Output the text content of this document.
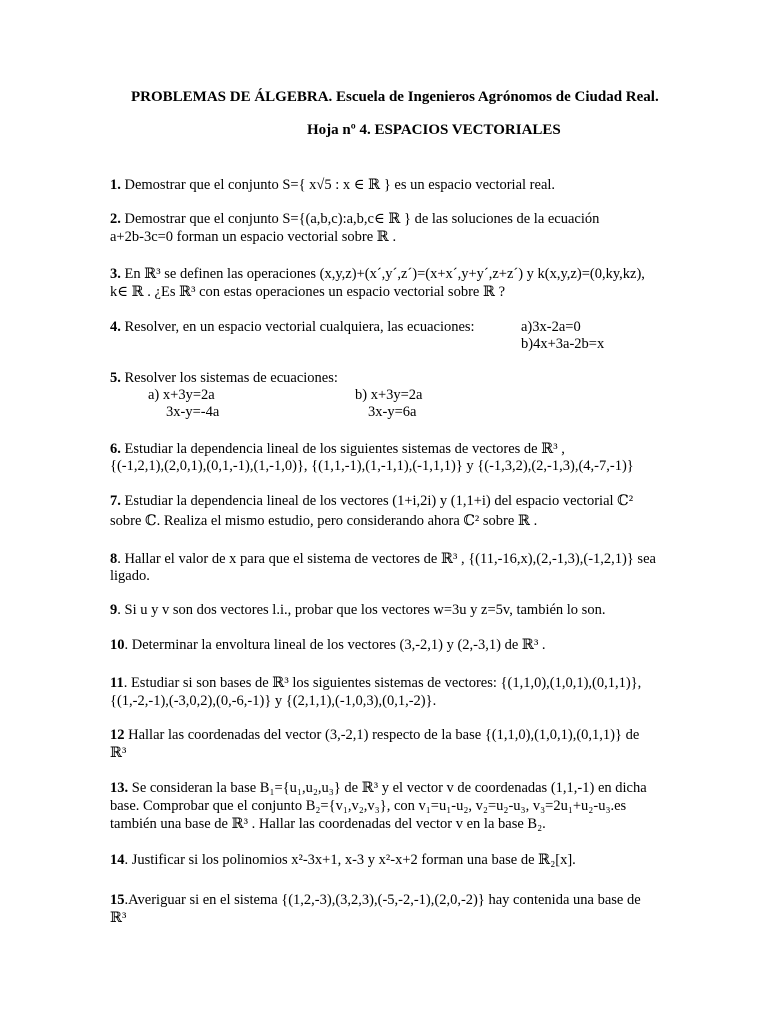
PROBLEMAS DE ÁLGEBRA. Escuela de Ingenieros Agrónomos de Ciudad Real.
Hoja nº 4. ESPACIOS VECTORIALES
1. Demostrar que el conjunto S={ x√5 : x ∈ ℝ } es un espacio vectorial real.
2. Demostrar que el conjunto S={(a,b,c):a,b,c∈ ℝ } de las soluciones de la ecuación
a+2b-3c=0 forman un espacio vectorial sobre ℝ .
3. En ℝ³ se definen las operaciones (x,y,z)+(x´,y´,z´)=(x+x´,y+y´,z+z´) y k(x,y,z)=(0,ky,kz),
k∈ ℝ . ¿Es ℝ³ con estas operaciones un espacio vectorial sobre ℝ ?
4. Resolver, en un espacio vectorial cualquiera, las ecuaciones:	a)3x-2a=0
b)4x+3a-2b=x
5. Resolver los sistemas de ecuaciones:
a) x+3y=2a
3x-y=-4a
b) x+3y=2a
3x-y=6a
6. Estudiar la dependencia lineal de los siguientes sistemas de vectores de ℝ³ ,
{(-1,2,1),(2,0,1),(0,1,-1),(1,-1,0)}, {(1,1,-1),(1,-1,1),(-1,1,1)} y {(-1,3,2),(2,-1,3),(4,-7,-1)}
7. Estudiar la dependencia lineal de los vectores (1+i,2i) y (1,1+i) del espacio vectorial ℂ²
sobre ℂ. Realiza el mismo estudio, pero considerando ahora ℂ² sobre ℝ .
8. Hallar el valor de x para que el sistema de vectores de ℝ³ , {(11,-16,x),(2,-1,3),(-1,2,1)} sea
ligado.
9. Si u y v son dos vectores l.i., probar que los vectores w=3u y z=5v, también lo son.
10. Determinar la envoltura lineal de los vectores (3,-2,1) y (2,-3,1) de ℝ³ .
11. Estudiar si son bases de ℝ³ los siguientes sistemas de vectores: {(1,1,0),(1,0,1),(0,1,1)},
{(1,-2,-1),(-3,0,2),(0,-6,-1)} y {(2,1,1),(-1,0,3),(0,1,-2)}.
12 Hallar las coordenadas del vector (3,-2,1) respecto de la base {(1,1,0),(1,0,1),(0,1,1)} de
ℝ³
13. Se consideran la base B₁={u₁,u₂,u₃} de ℝ³ y el vector v de coordenadas (1,1,-1) en dicha
base. Comprobar que el conjunto B₂={v₁,v₂,v₃}, con v₁=u₁-u₂, v₂=u₂-u₃, v₃=2u₁+u₂-u₃.es
también una base de ℝ³ . Hallar las coordenadas del vector v en la base B₂.
14. Justificar si los polinomios x²-3x+1, x-3 y x²-x+2 forman una base de ℝ₂[x].
15.Averiguar si en el sistema {(1,2,-3),(3,2,3),(-5,-2,-1),(2,0,-2)} hay contenida una base de
ℝ³
